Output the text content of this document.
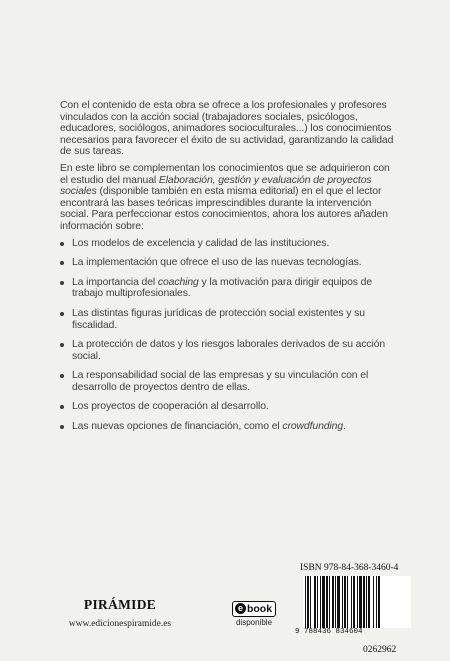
Con el contenido de esta obra se ofrece a los profesionales y profesores vinculados con la acción social (trabajadores sociales, psicólogos, educadores, sociólogos, animadores socioculturales...) los conocimientos necesarios para favorecer el éxito de su actividad, garantizando la calidad de sus tareas.

En este libro se complementan los conocimientos que se adquirieron con el estudio del manual Elaboración, gestión y evaluación de proyectos sociales (disponible también en esta misma editorial) en el que el lector encontrará las bases teóricas imprescindibles durante la intervención social. Para perfeccionar estos conocimientos, ahora los autores añaden información sobre:

Los modelos de excelencia y calidad de las instituciones.
La implementación que ofrece el uso de las nuevas tecnologías.
La importancia del coaching y la motivación para dirigir equipos de trabajo multiprofesionales.
Las distintas figuras jurídicas de protección social existentes y su fiscalidad.
La protección de datos y los riesgos laborales derivados de su acción social.
La responsabilidad social de las empresas y su vinculación con el desarrollo de proyectos dentro de ellas.
Los proyectos de cooperación al desarrollo.
Las nuevas opciones de financiación, como el crowdfunding.
PIRÁMIDE
www.edicionespiramide.es
e book
disponible
ISBN 978-84-368-3460-4
9 788436 834604
0262962
